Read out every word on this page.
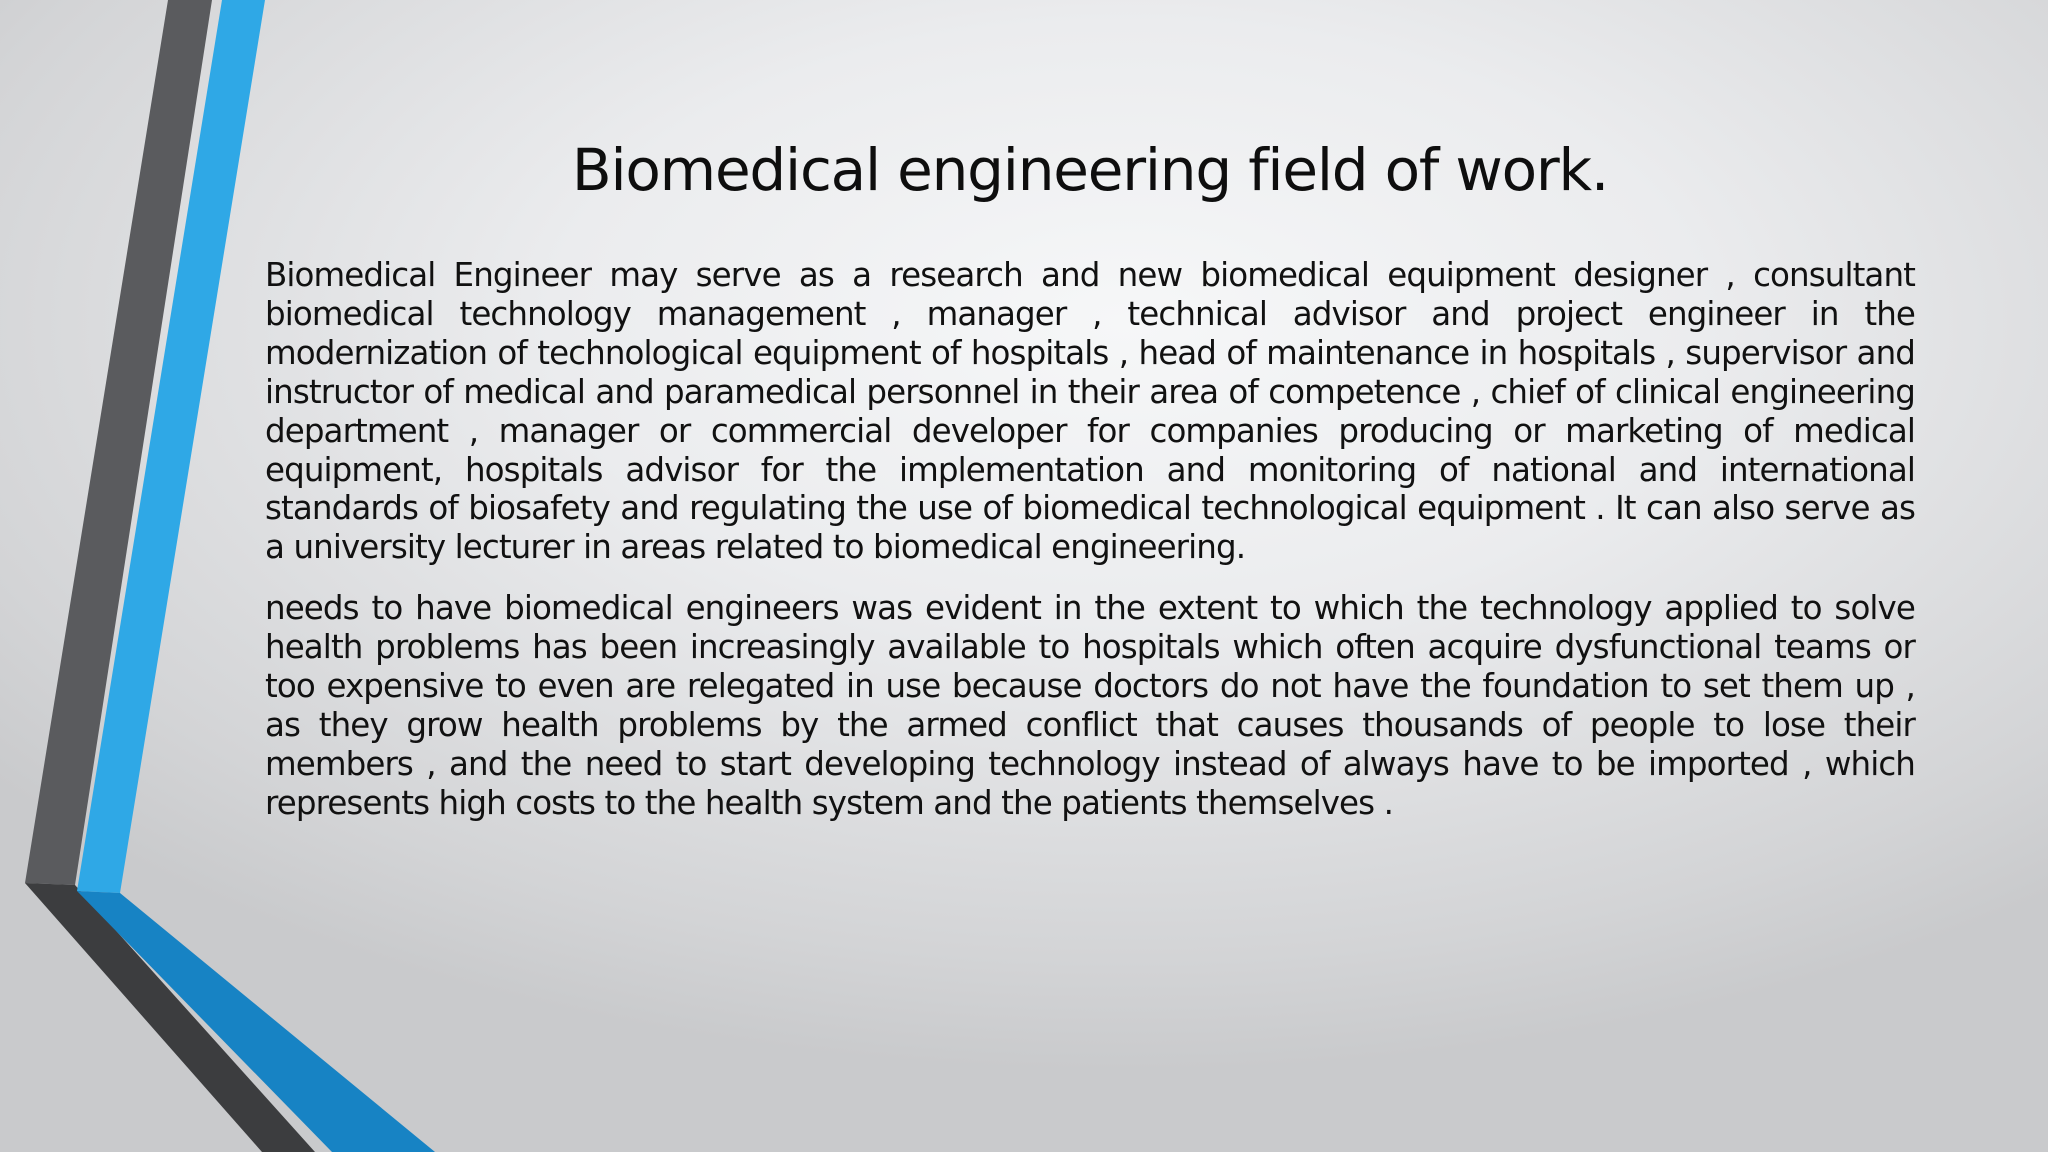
Biomedical engineering field of work.

Biomedical Engineer may serve as a research and new biomedical equipment designer , consultant biomedical technology management , manager , technical advisor and project engineer in the modernization of technological equipment of hospitals , head of maintenance in hospitals , supervisor and instructor of medical and paramedical personnel in their area of competence , chief of clinical engineering department , manager or commercial developer for companies producing or marketing of medical equipment, hospitals advisor for the implementation and monitoring of national and international standards of biosafety and regulating the use of biomedical technological equipment . It can also serve as a university lecturer in areas related to biomedical engineering.

needs to have biomedical engineers was evident in the extent to which the technology applied to solve health problems has been increasingly available to hospitals which often acquire dysfunctional teams or too expensive to even are relegated in use because doctors do not have the foundation to set them up , as they grow health problems by the armed conflict that causes thousands of people to lose their members , and the need to start developing technology instead of always have to be imported , which represents high costs to the health system and the patients themselves .
